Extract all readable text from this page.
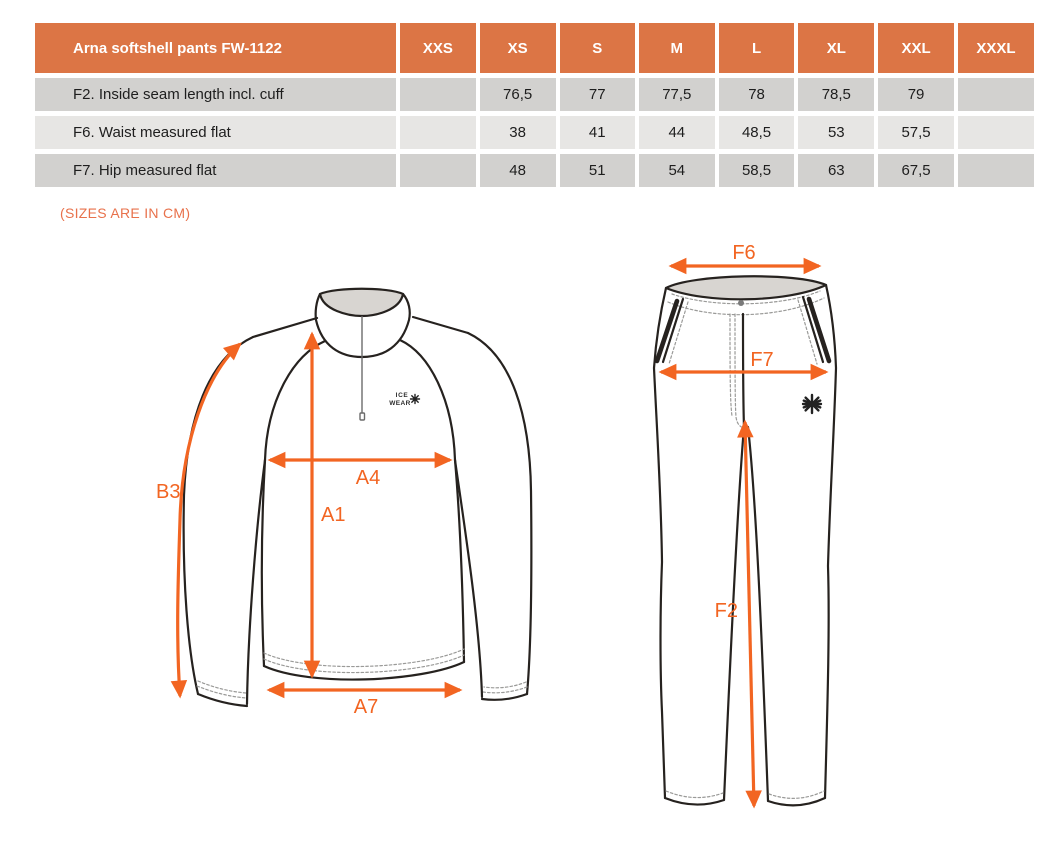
Arna softshell pants FW-1122	XXS	XS	S	M	L	XL	XXL	XXXL
F2. Inside seam length incl. cuff		76,5	77	77,5	78	78,5	79	
F6. Waist measured flat		38	41	44	48,5	53	57,5	
F7. Hip measured flat		48	51	54	58,5	63	67,5	
(SIZES ARE IN CM)
ICE
WEAR
B3
A4
A1
A7
F6
F7
F2
